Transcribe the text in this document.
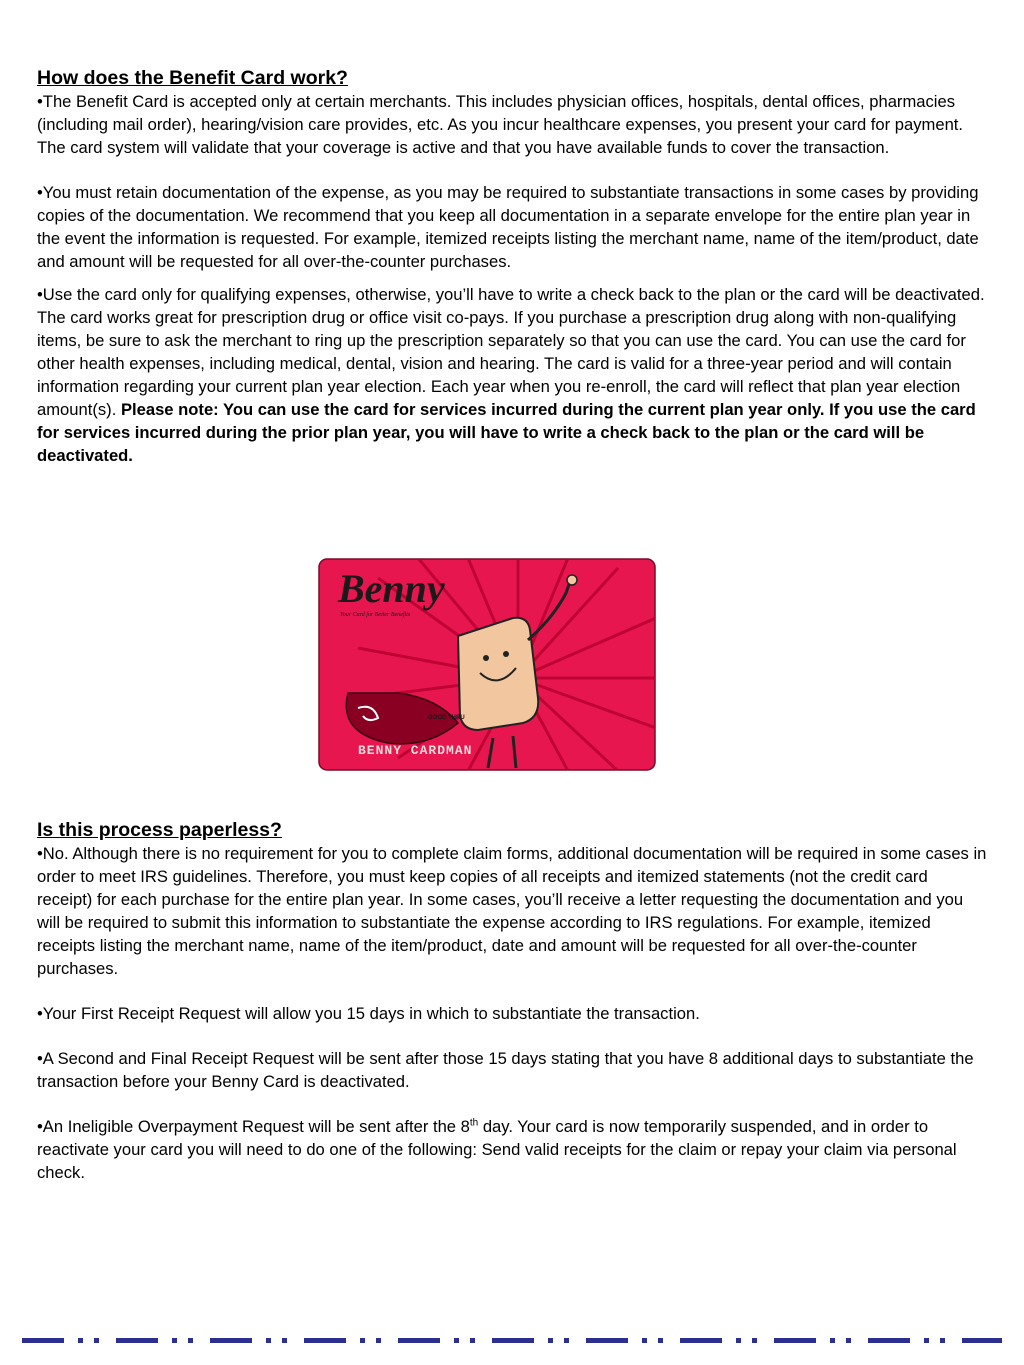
How does the Benefit Card work?

•The Benefit Card is accepted only at certain merchants. This includes physician offices, hospitals, dental offices, pharmacies (including mail order), hearing/vision care provides, etc. As you incur healthcare expenses, you present your card for payment. The card system will validate that your coverage is active and that you have available funds to cover the transaction.

•You must retain documentation of the expense, as you may be required to substantiate transactions in some cases by providing copies of the documentation. We recommend that you keep all documentation in a separate envelope for the entire plan year in the event the information is requested. For example, itemized receipts listing the merchant name, name of the item/product, date and amount will be requested for all over-the-counter purchases.

•Use the card only for qualifying expenses, otherwise, you’ll have to write a check back to the plan or the card will be deactivated. The card works great for prescription drug or office visit co-pays. If you purchase a prescription drug along with non-qualifying items, be sure to ask the merchant to ring up the prescription separately so that you can use the card. You can use the card for other health expenses, including medical, dental, vision and hearing. The card is valid for a three-year period and will contain information regarding your current plan year election. Each year when you re-enroll, the card will reflect that plan year election amount(s). Please note: You can use the card for services incurred during the current plan year only. If you use the card for services incurred during the prior plan year, you will have to write a check back to the plan or the card will be deactivated.

Benny
Your Card for Better Benefits
GOOD THRU
BENNY CARDMAN
Is this process paperless?

•No. Although there is no requirement for you to complete claim forms, additional documentation will be required in some cases in order to meet IRS guidelines. Therefore, you must keep copies of all receipts and itemized statements (not the credit card receipt) for each purchase for the entire plan year. In some cases, you’ll receive a letter requesting the documentation and you will be required to submit this information to substantiate the expense according to IRS regulations. For example, itemized receipts listing the merchant name, name of the item/product, date and amount will be requested for all over-the-counter purchases.

•Your First Receipt Request will allow you 15 days in which to substantiate the transaction.

•A Second and Final Receipt Request will be sent after those 15 days stating that you have 8 additional days to substantiate the transaction before your Benny Card is deactivated.

•An Ineligible Overpayment Request will be sent after the 8th day. Your card is now temporarily suspended, and in order to reactivate your card you will need to do one of the following: Send valid receipts for the claim or repay your claim via personal check.
